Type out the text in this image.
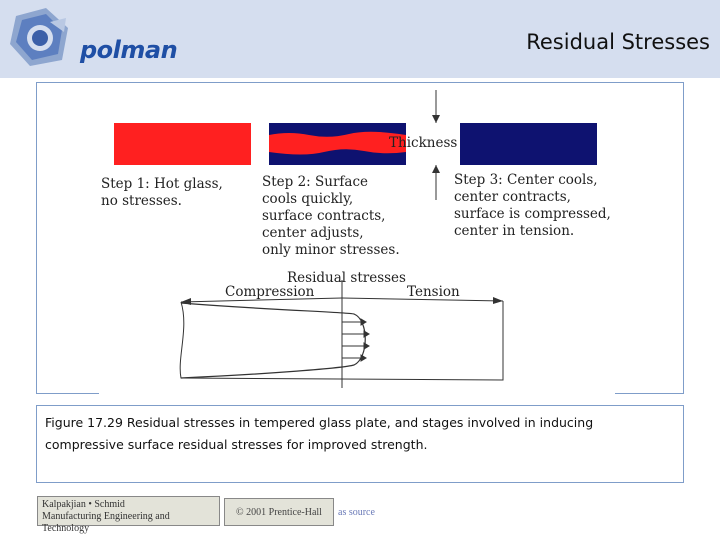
polman	Residual Stresses
Thickness
Step 1: Hot glass,
no stresses.
Step 2: Surface
cools quickly,
surface contracts,
center adjusts,
only minor stresses.
Step 3: Center cools,
center contracts,
surface is compressed,
center in tension.
Residual stresses
Compression	Tension
Figure 17.29 Residual stresses in tempered glass plate, and stages involved in inducing
compressive surface residual stresses for improved strength.
Kalpakjian • Schmid
Manufacturing Engineering and Technology
© 2001 Prentice-Hall	as source
